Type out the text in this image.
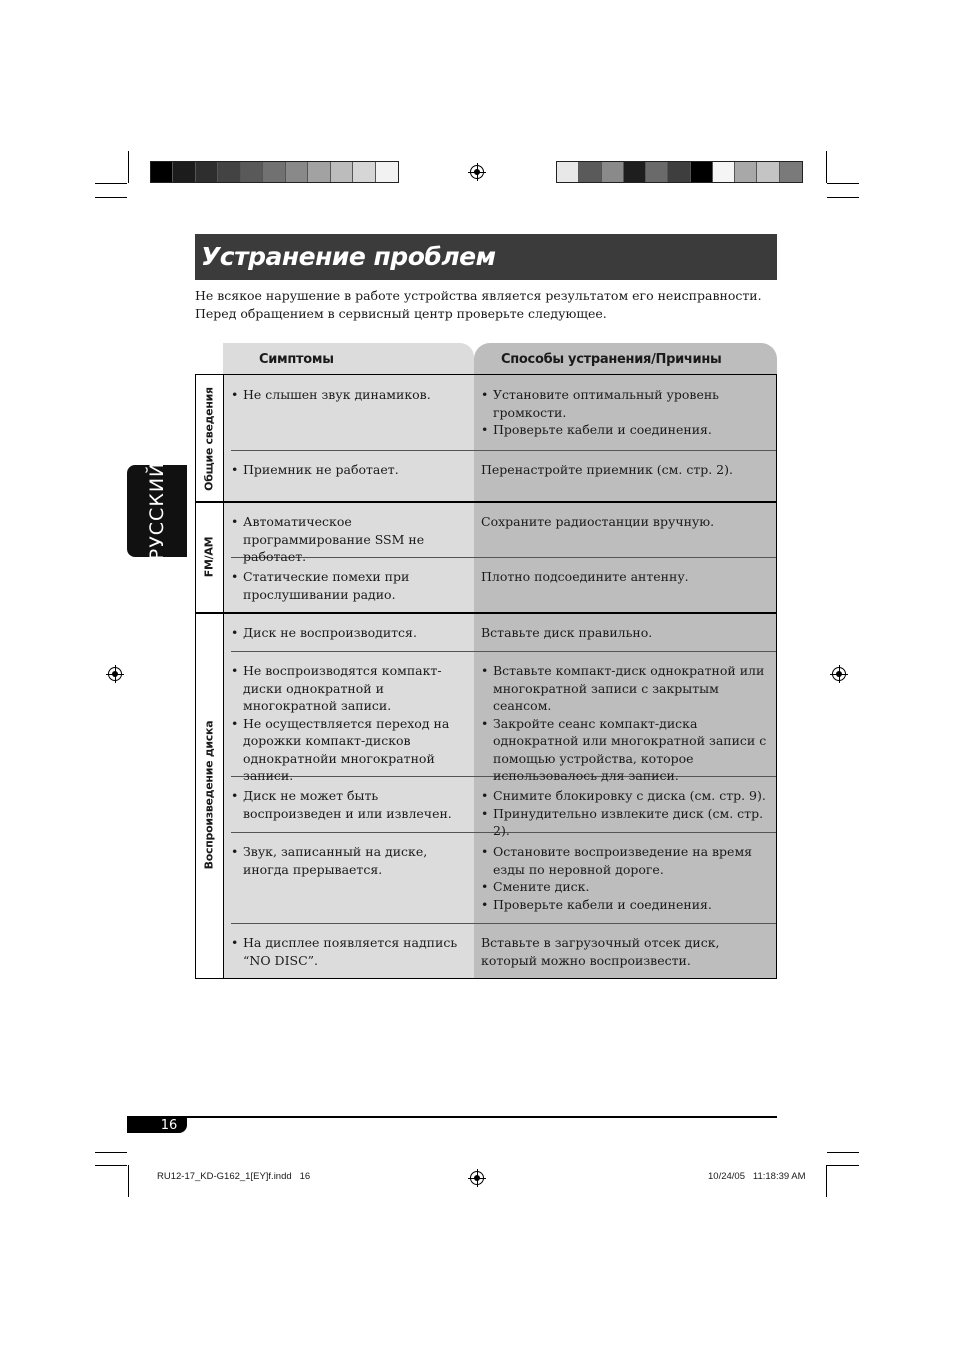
Устранение проблем
Не всякое нарушение в работе устройства является результатом его неисправности. Перед обращением в сервисный центр проверьте следующее.
РУССКИЙ
Симптомы	Способы устранения/Причины
Общие сведения
FM/AM
Воспроизведение диска
• Не слышен звук динамиков.
•	Установите оптимальный уровень громкости.
• Проверьте кабели и соединения.
• Приемник не работает.	Перенастройте приемник (см. стр. 2).
• Автоматическое программирование SSM не работает.
Сохраните радиостанции вручную.
• Статические помехи при прослушивании радио.
Плотно подсоедините антенну.
• Диск не воспроизводится.	Вставьте диск правильно.
• Не воспроизводятся компакт-диски однократной и многократной записи.
• Не осуществляется переход на дорожки компакт-дисков однократнойи многократной записи.
• Вставьте компакт-диск однократной или многократной записи с закрытым сеансом.
• Закройте сеанс компакт-диска однократной или многократной записи с помощью устройства, которое использовалось для записи.
• Диск не может быть воспроизведен и или извлечен.
• Снимите блокировку с диска (см. стр. 9).
• Принудительно извлеките диск (см. стр. 2).
• Звук, записанный на диске, иногда прерывается.
• Остановите воспроизведение на время езды по неровной дороге.
• Смените диск.
• Проверьте кабели и соединения.
• На дисплее появляется надпись “NO DISC”.
Вставьте в загрузочный отсек диск, который можно воспроизвести.
16
RU12-17_KD-G162_1[EY]f.indd   16	10/24/05   11:18:39 AM
